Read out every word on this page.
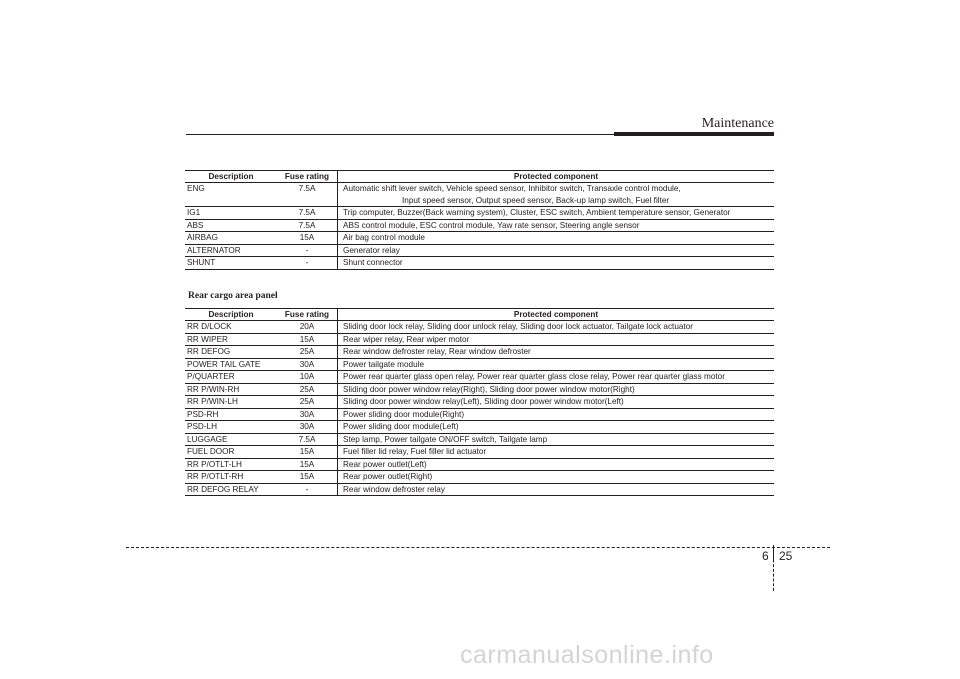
Maintenance
Description	Fuse rating	Protected component
ENG	7.5A	Automatic shift lever switch, Vehicle speed sensor, Inhibitor switch, Transaxle control module,
Input speed sensor, Output speed sensor, Back-up lamp switch, Fuel filter

IG1	7.5A	Trip computer, Buzzer(Back warning system), Cluster, ESC switch, Ambient temperature sensor, Generator
ABS	7.5A	ABS control module, ESC control module, Yaw rate sensor, Steering angle sensor
AIRBAG	15A	Air bag control module
ALTERNATOR	-	Generator relay
SHUNT	-	Shunt connector
Rear cargo area panel
Description	Fuse rating	Protected component
RR D/LOCK	20A	Sliding door lock relay, Sliding door unlock relay, Sliding door lock actuator, Tailgate lock actuator
RR WIPER	15A	Rear wiper relay, Rear wiper motor
RR DEFOG	25A	Rear window defroster relay, Rear window defroster
POWER TAIL GATE	30A	Power tailgate module
P/QUARTER	10A	Power rear quarter glass open relay, Power rear quarter glass close relay, Power rear quarter glass motor
RR P/WIN-RH	25A	Sliding door power window relay(Right), Sliding door power window motor(Right)
RR P/WIN-LH	25A	Sliding door power window relay(Left), Sliding door power window motor(Left)
PSD-RH	30A	Power sliding door module(Right)
PSD-LH	30A	Power sliding door module(Left)
LUGGAGE	7.5A	Step lamp, Power tailgate ON/OFF switch, Tailgate lamp
FUEL DOOR	15A	Fuel filler lid relay, Fuel filler lid actuator
RR P/OTLT-LH	15A	Rear power outlet(Left)
RR P/OTLT-RH	15A	Rear power outlet(Right)
RR DEFOG RELAY	-	Rear window defroster relay
6 25
carmanualsonline.info
